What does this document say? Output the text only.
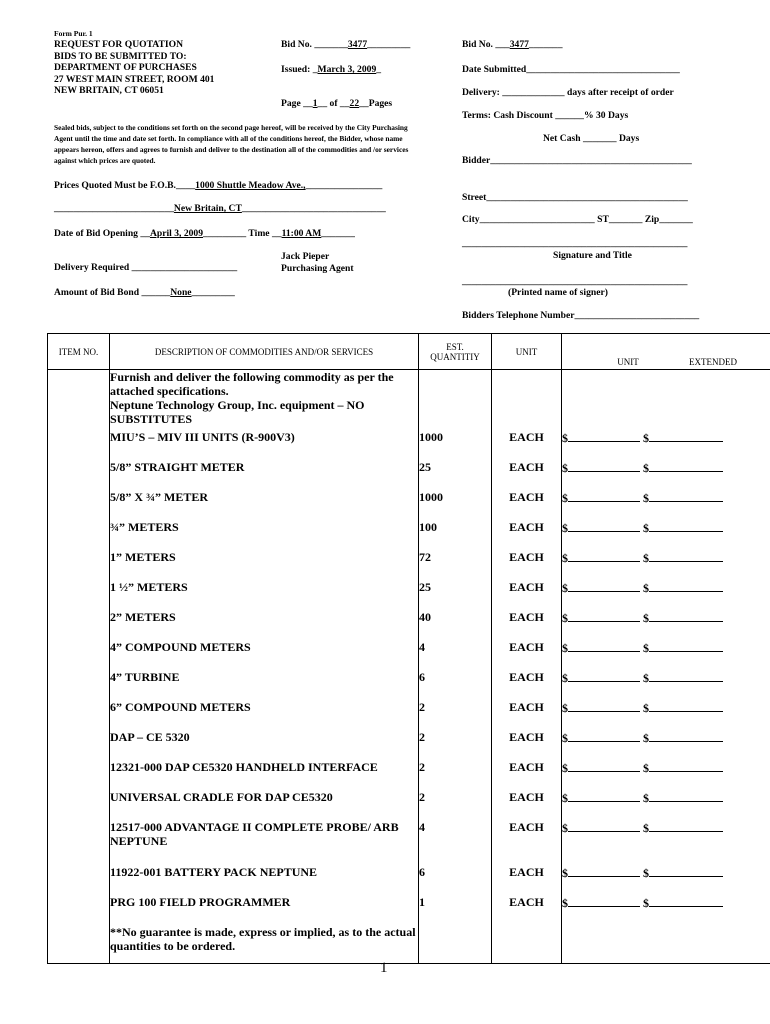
Form Pur. 1
REQUEST FOR QUOTATION
BIDS TO BE SUBMITTED TO:
DEPARTMENT OF PURCHASES
27 WEST MAIN STREET, ROOM 401
NEW BRITAIN, CT 06051
Bid No. _______3477_________
Issued: _March 3, 2009_
Page __1__ of __22__Pages
Sealed bids, subject to the conditions set forth on the second page hereof, will be received by the City Purchasing Agent until the time and date set forth. In compliance with all of the conditions hereof, the Bidder, whose name appears hereon, offers and agrees to furnish and deliver to the destination all of the commodities and /or services against which prices are quoted.
Prices Quoted Must be F.O.B.____1000 Shuttle Meadow Ave.,________________
_________________________New Britain, CT______________________________
Date of Bid Opening __April 3, 2009_________ Time __11:00 AM_______
Jack Pieper
Purchasing Agent
Delivery Required ______________________
Amount of Bid Bond ______None_________
Bid No. ___3477_______
Date Submitted________________________________
Delivery: _____________ days after receipt of order
Terms: Cash Discount ______% 30 Days
Net Cash _______ Days
Bidder__________________________________________
Street__________________________________________
City________________________ ST_______ Zip_______
_______________________________________________
Signature and Title
_______________________________________________
(Printed name of signer)
Bidders Telephone Number__________________________
ITEM NO.	DESCRIPTION OF COMMODITIES AND/OR SERVICES	EST.
QUANTITIY	UNIT	UNIT EXTENDED

	Furnish and deliver the following commodity as per the attached specifications.
Neptune Technology Group, Inc. equipment – NO SUBSTITUTES			

	MIU’S – MIV III UNITS (R-900V3)	1000	EACH	$ $
	5/8” STRAIGHT METER	25	EACH	$ $
	5/8” X ¾” METER	1000	EACH	$ $
	¾” METERS	100	EACH	$ $
	1” METERS	72	EACH	$ $
	1 ½” METERS	25	EACH	$ $
	2” METERS	40	EACH	$ $
	4” COMPOUND METERS	4	EACH	$ $
	4” TURBINE	6	EACH	$ $
	6” COMPOUND METERS	2	EACH	$ $
	DAP – CE 5320	2	EACH	$ $
	12321-000 DAP CE5320 HANDHELD INTERFACE	2	EACH	$ $
	UNIVERSAL CRADLE FOR DAP CE5320	2	EACH	$ $
	12517-000 ADVANTAGE II COMPLETE PROBE/ ARB NEPTUNE	4	EACH	$ $
	11922-001 BATTERY PACK NEPTUNE	6	EACH	$ $
	PRG 100 FIELD PROGRAMMER	1	EACH	$ $
	**No guarantee is made, express or implied, as to the actual quantities to be ordered.			
1
